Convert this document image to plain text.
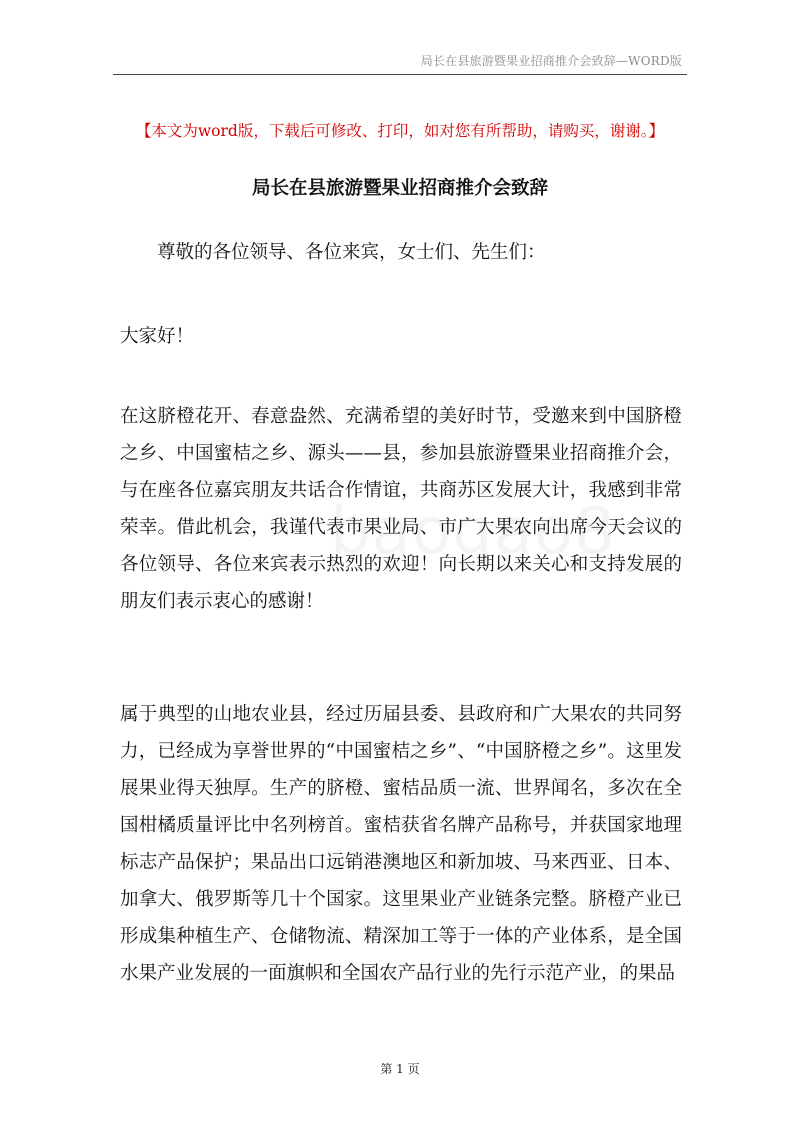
局长在县旅游暨果业招商推介会致辞—WORD版
【本文为word版，下载后可修改、打印，如对您有所帮助，请购买，谢谢。】
局长在县旅游暨果业招商推介会致辞
尊敬的各位领导、各位来宾，女士们、先生们：
大家好！
在这脐橙花开、春意盎然、充满希望的美好时节，受邀来到中国脐橙之乡、中国蜜桔之乡、源头——县，参加县旅游暨果业招商推介会，与在座各位嘉宾朋友共话合作情谊，共商苏区发展大计，我感到非常荣幸。借此机会，我谨代表市果业局、市广大果农向出席今天会议的各位领导、各位来宾表示热烈的欢迎！向长期以来关心和支持发展的朋友们表示衷心的感谢！
属于典型的山地农业县，经过历届县委、县政府和广大果农的共同努力，已经成为享誉世界的“中国蜜桔之乡”、“中国脐橙之乡”。这里发展果业得天独厚。生产的脐橙、蜜桔品质一流、世界闻名，多次在全国柑橘质量评比中名列榜首。蜜桔获省名牌产品称号，并获国家地理标志产品保护；果品出口远销港澳地区和新加坡、马来西亚、日本、加拿大、俄罗斯等几十个国家。这里果业产业链条完整。脐橙产业已形成集种植生产、仓储物流、精深加工等于一体的产业体系，是全国水果产业发展的一面旗帜和全国农产品行业的先行示范产业，的果品
第 1 页
